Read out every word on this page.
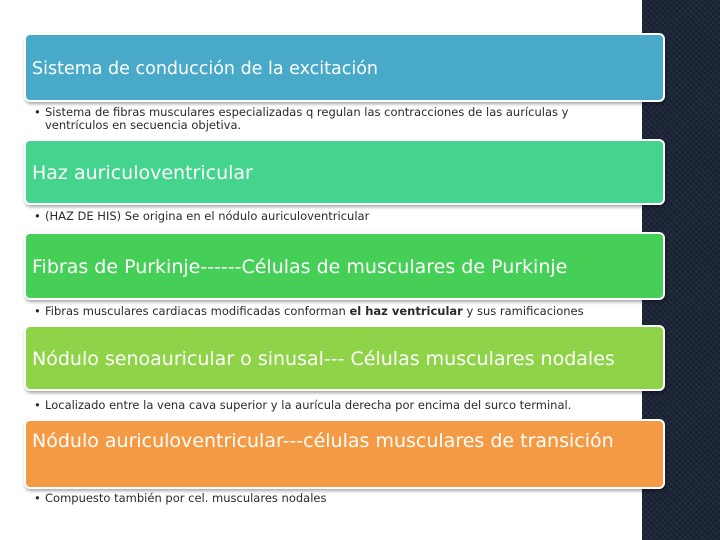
Sistema de conducción de la excitación
• Sistema de fibras musculares especializadas q regulan las contracciones de las aurículas y ventrículos en secuencia objetiva.
Haz auriculoventricular
• (HAZ DE HIS) Se origina en el nódulo auriculoventricular
Fibras de Purkinje------Células de musculares de Purkinje
• Fibras musculares cardiacas modificadas conforman el haz ventricular y sus ramificaciones
Nódulo senoauricular o sinusal--- Células musculares nodales
• Localizado entre la vena cava superior y la aurícula derecha por encima del surco terminal.
Nódulo auriculoventricular---células musculares de transición
• Compuesto también por cel. musculares nodales
